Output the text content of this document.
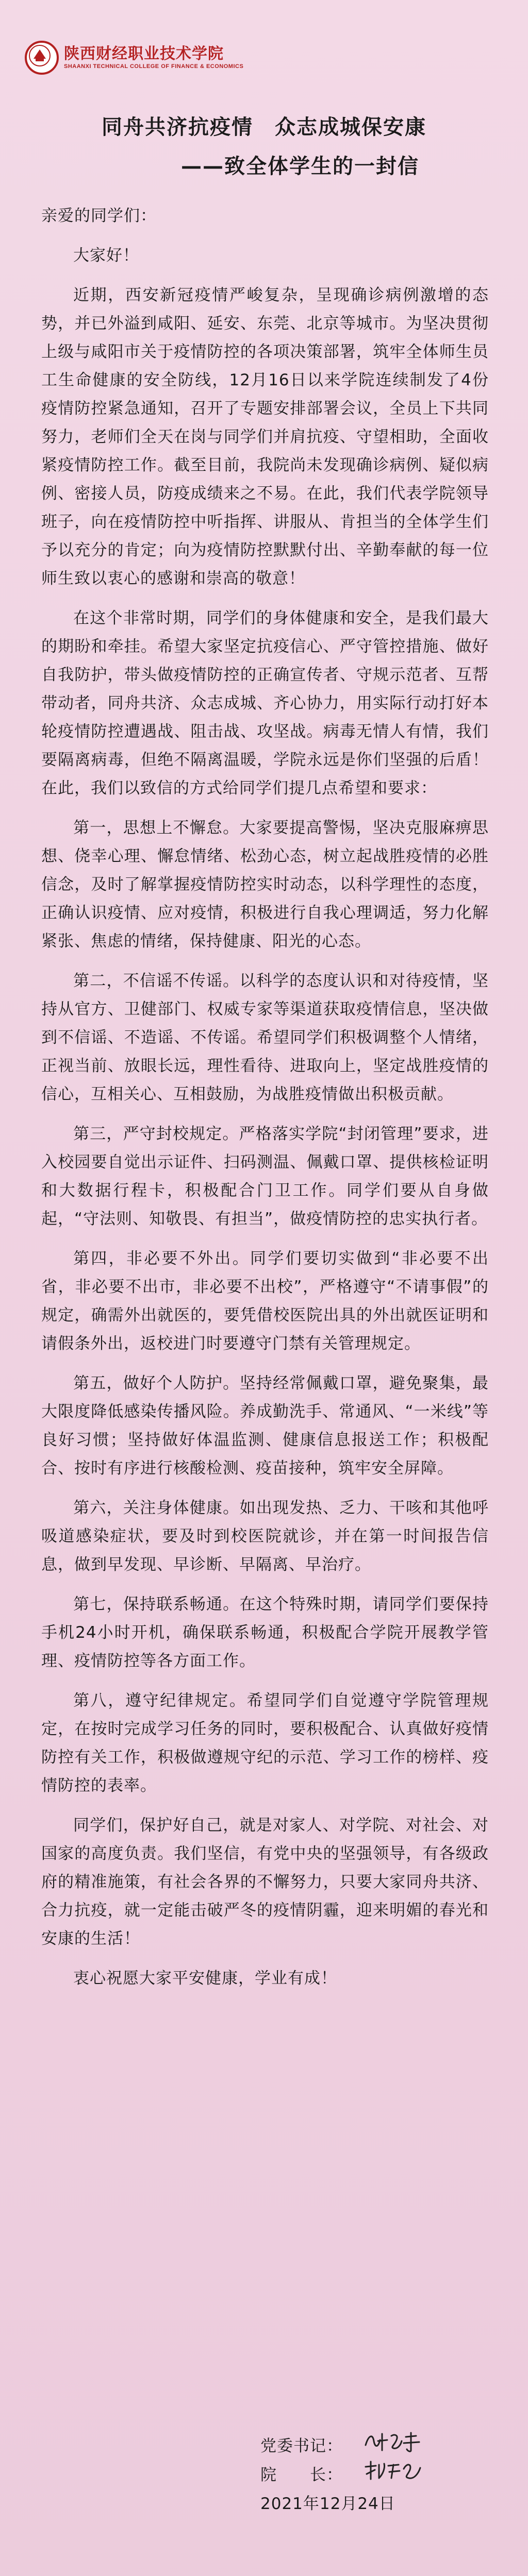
陕西财经职业技术学院
SHAANXI TECHNICAL COLLEGE OF FINANCE & ECONOMICS
同舟共济抗疫情　众志成城保安康
——致全体学生的一封信

亲爱的同学们：

大家好！

近期，西安新冠疫情严峻复杂，呈现确诊病例激增的态势，并已外溢到咸阳、延安、东莞、北京等城市。为坚决贯彻上级与咸阳市关于疫情防控的各项决策部署，筑牢全体师生员工生命健康的安全防线，12月16日以来学院连续制发了4份疫情防控紧急通知，召开了专题安排部署会议，全员上下共同努力，老师们全天在岗与同学们并肩抗疫、守望相助，全面收紧疫情防控工作。截至目前，我院尚未发现确诊病例、疑似病例、密接人员，防疫成绩来之不易。在此，我们代表学院领导班子，向在疫情防控中听指挥、讲服从、肯担当的全体学生们予以充分的肯定；向为疫情防控默默付出、辛勤奉献的每一位师生致以衷心的感谢和崇高的敬意！

在这个非常时期，同学们的身体健康和安全，是我们最大的期盼和牵挂。希望大家坚定抗疫信心、严守管控措施、做好自我防护，带头做疫情防控的正确宣传者、守规示范者、互帮带动者，同舟共济、众志成城、齐心协力，用实际行动打好本轮疫情防控遭遇战、阻击战、攻坚战。病毒无情人有情，我们要隔离病毒，但绝不隔离温暖，学院永远是你们坚强的后盾！在此，我们以致信的方式给同学们提几点希望和要求：

第一，思想上不懈怠。大家要提高警惕，坚决克服麻痹思想、侥幸心理、懈怠情绪、松劲心态，树立起战胜疫情的必胜信念，及时了解掌握疫情防控实时动态，以科学理性的态度，正确认识疫情、应对疫情，积极进行自我心理调适，努力化解紧张、焦虑的情绪，保持健康、阳光的心态。

第二，不信谣不传谣。以科学的态度认识和对待疫情，坚持从官方、卫健部门、权威专家等渠道获取疫情信息，坚决做到不信谣、不造谣、不传谣。希望同学们积极调整个人情绪，正视当前、放眼长远，理性看待、进取向上，坚定战胜疫情的信心，互相关心、互相鼓励，为战胜疫情做出积极贡献。

第三，严守封校规定。严格落实学院“封闭管理”要求，进入校园要自觉出示证件、扫码测温、佩戴口罩、提供核检证明和大数据行程卡，积极配合门卫工作。同学们要从自身做起，“守法则、知敬畏、有担当”，做疫情防控的忠实执行者。

第四，非必要不外出。同学们要切实做到“非必要不出省，非必要不出市，非必要不出校”，严格遵守“不请事假”的规定，确需外出就医的，要凭借校医院出具的外出就医证明和请假条外出，返校进门时要遵守门禁有关管理规定。

第五，做好个人防护。坚持经常佩戴口罩，避免聚集，最大限度降低感染传播风险。养成勤洗手、常通风、“一米线”等良好习惯；坚持做好体温监测、健康信息报送工作；积极配合、按时有序进行核酸检测、疫苗接种，筑牢安全屏障。

第六，关注身体健康。如出现发热、乏力、干咳和其他呼吸道感染症状，要及时到校医院就诊，并在第一时间报告信息，做到早发现、早诊断、早隔离、早治疗。

第七，保持联系畅通。在这个特殊时期，请同学们要保持手机24小时开机，确保联系畅通，积极配合学院开展教学管理、疫情防控等各方面工作。

第八，遵守纪律规定。希望同学们自觉遵守学院管理规定，在按时完成学习任务的同时，要积极配合、认真做好疫情防控有关工作，积极做遵规守纪的示范、学习工作的榜样、疫情防控的表率。

同学们，保护好自己，就是对家人、对学院、对社会、对国家的高度负责。我们坚信，有党中央的坚强领导，有各级政府的精准施策，有社会各界的不懈努力，只要大家同舟共济、合力抗疫，就一定能击破严冬的疫情阴霾，迎来明媚的春光和安康的生活！

衷心祝愿大家平安健康，学业有成！

党委书记：
院　　长：
2021年12月24日
